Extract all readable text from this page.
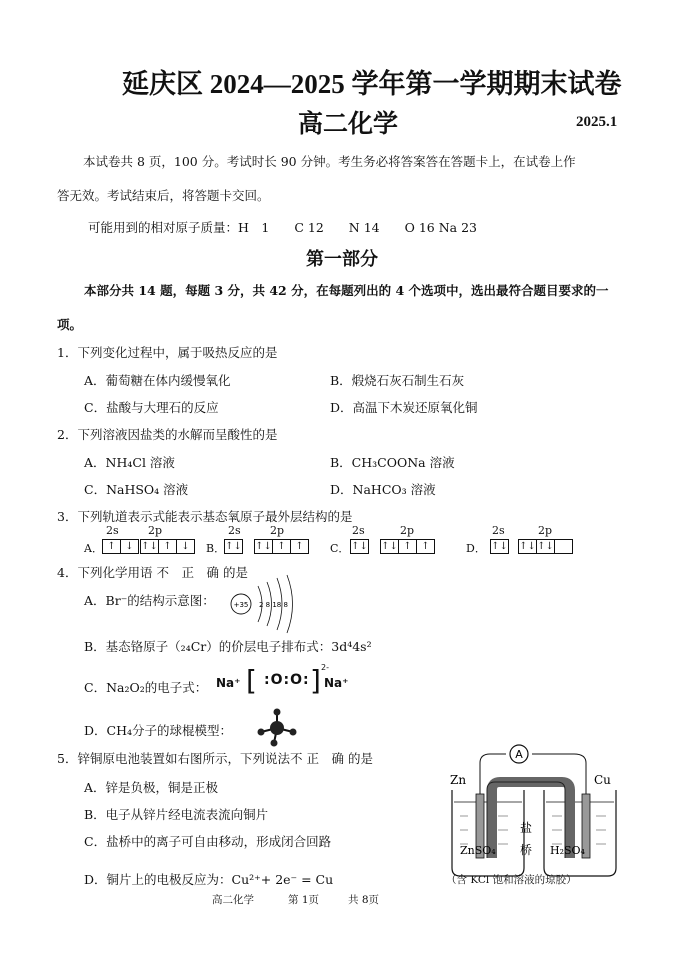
延庆区 2024—2025 学年第一学期期末试卷
高二化学	2025.1
本试卷共 8 页，100 分。考试时长 90 分钟。考生务必将答案答在答题卡上，在试卷上作
答无效。考试结束后，将答题卡交回。
可能用到的相对原子质量：H　1　　C 12　　N 14　　O 16 Na 23
第一部分
本部分共 14 题，每题 3 分，共 42 分，在每题列出的 4 个选项中，选出最符合题目要求的一
项。
1．下列变化过程中，属于吸热反应的是
A．葡萄糖在体内缓慢氧化	B．煅烧石灰石制生石灰
C．盐酸与大理石的反应	D．高温下木炭还原氧化铜
2．下列溶液因盐类的水解而呈酸性的是
A．NH₄Cl 溶液	B．CH₃COONa 溶液
C．NaHSO₄ 溶液	D．NaHCO₃ 溶液
3．下列轨道表示式能表示基态氧原子最外层结构的是
2s	2p
A． ↑ ↓ ↑↓ ↑ ↓
2s	2p
B． ↑↓ ↑↓ ↑ ↑
2s	2p
C． ↑↓ ↑↓ ↑ ↑
2s	2p
D． ↑↓ ↑↓↑↓
4．下列化学用语 不　正　确 的是
A．Br⁻的结构示意图：	+35 2 8 18 8
B．基态铬原子（₂₄Cr）的价层电子排布式：3d⁴4s²
C．Na₂O₂的电子式： Na⁺ [ :O:O: ] 2-
Na⁺
D．CH₄分子的球棍模型：
5．锌铜原电池装置如右图所示，下列说法不 正　确 的是
A．锌是负极，铜是正极
B．电子从锌片经电流表流向铜片
C．盐桥中的离子可自由移动，形成闭合回路
D．铜片上的电极反应为：Cu²⁺+ 2e⁻ = Cu
A
Zn	Cu
盐
桥
ZnSO₄	H₂SO₄
（含 KCl 饱和溶液的琼胶）
高二化学	第 1页	共 8页
